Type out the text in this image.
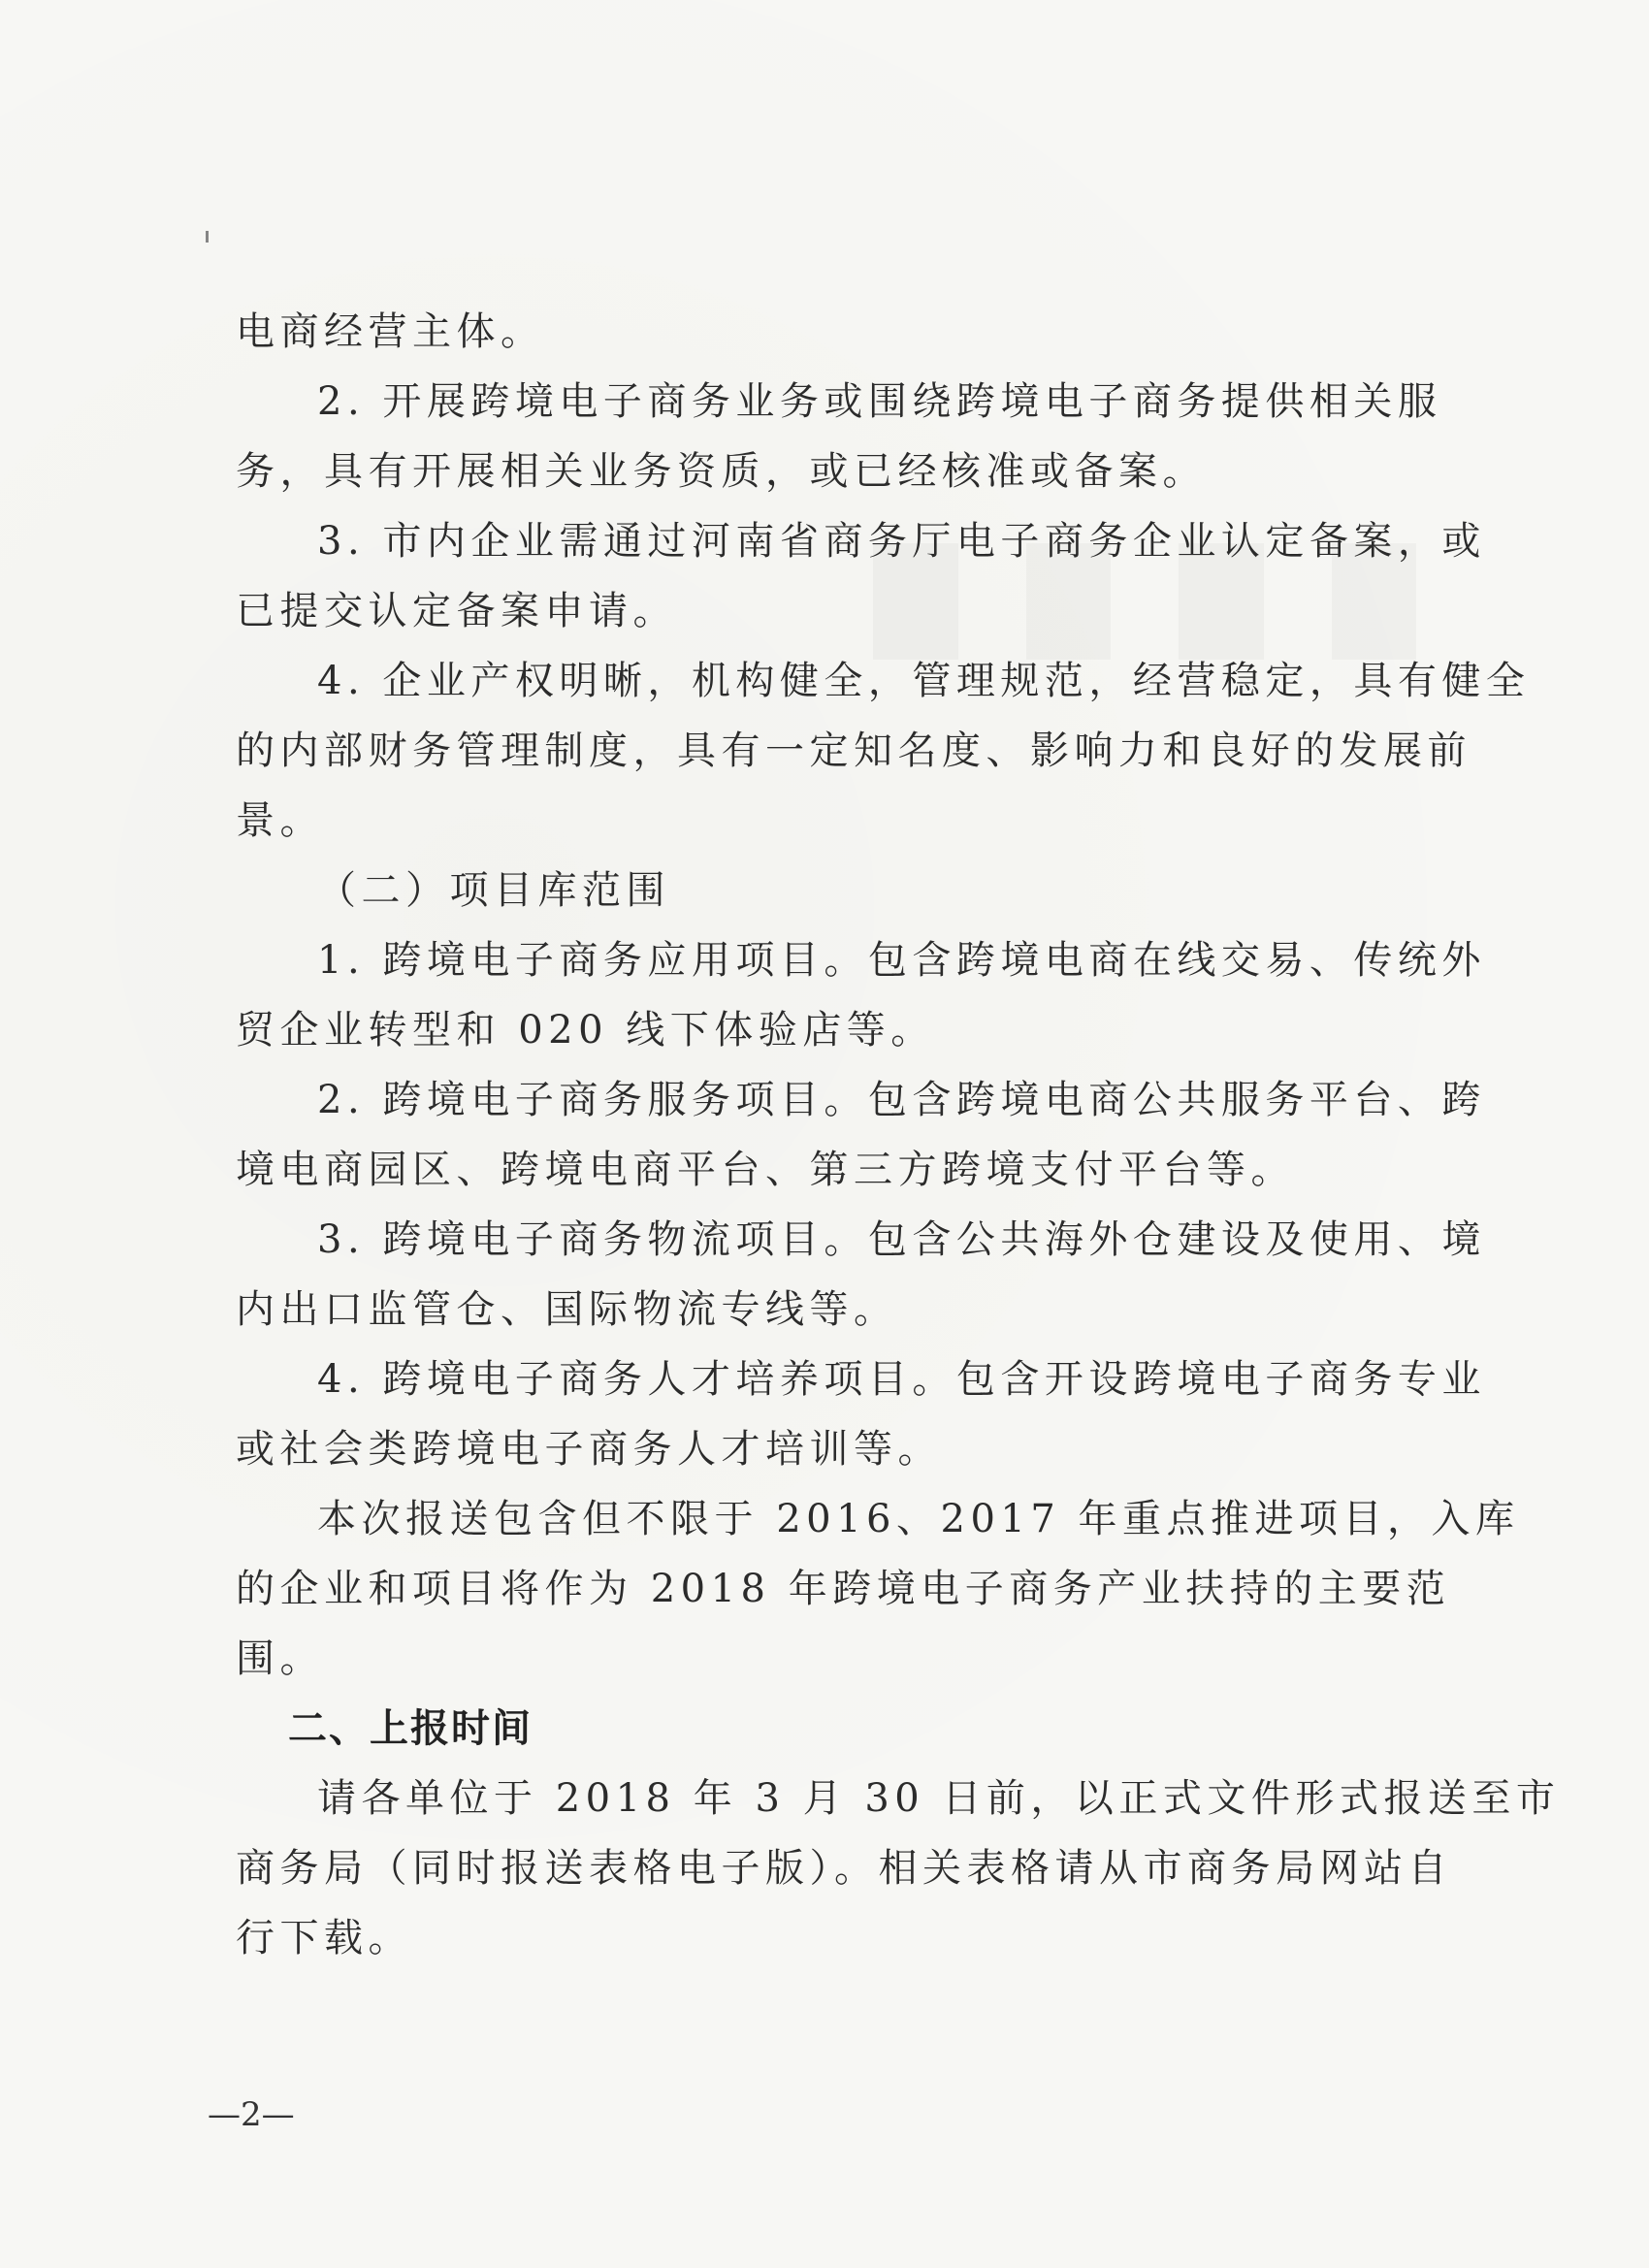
电商经营主体。
2. 开展跨境电子商务业务或围绕跨境电子商务提供相关服
务，具有开展相关业务资质，或已经核准或备案。
3. 市内企业需通过河南省商务厅电子商务企业认定备案，或
已提交认定备案申请。
4. 企业产权明晰，机构健全，管理规范，经营稳定，具有健全
的内部财务管理制度，具有一定知名度、影响力和良好的发展前
景。
（二）项目库范围
1. 跨境电子商务应用项目。包含跨境电商在线交易、传统外
贸企业转型和 020 线下体验店等。
2. 跨境电子商务服务项目。包含跨境电商公共服务平台、跨
境电商园区、跨境电商平台、第三方跨境支付平台等。
3. 跨境电子商务物流项目。包含公共海外仓建设及使用、境
内出口监管仓、国际物流专线等。
4. 跨境电子商务人才培养项目。包含开设跨境电子商务专业
或社会类跨境电子商务人才培训等。
本次报送包含但不限于 2016、2017 年重点推进项目，入库
的企业和项目将作为 2018 年跨境电子商务产业扶持的主要范
围。
二、上报时间
请各单位于 2018 年 3 月 30 日前，以正式文件形式报送至市
商务局（同时报送表格电子版）。相关表格请从市商务局网站自
行下载。
—2—
